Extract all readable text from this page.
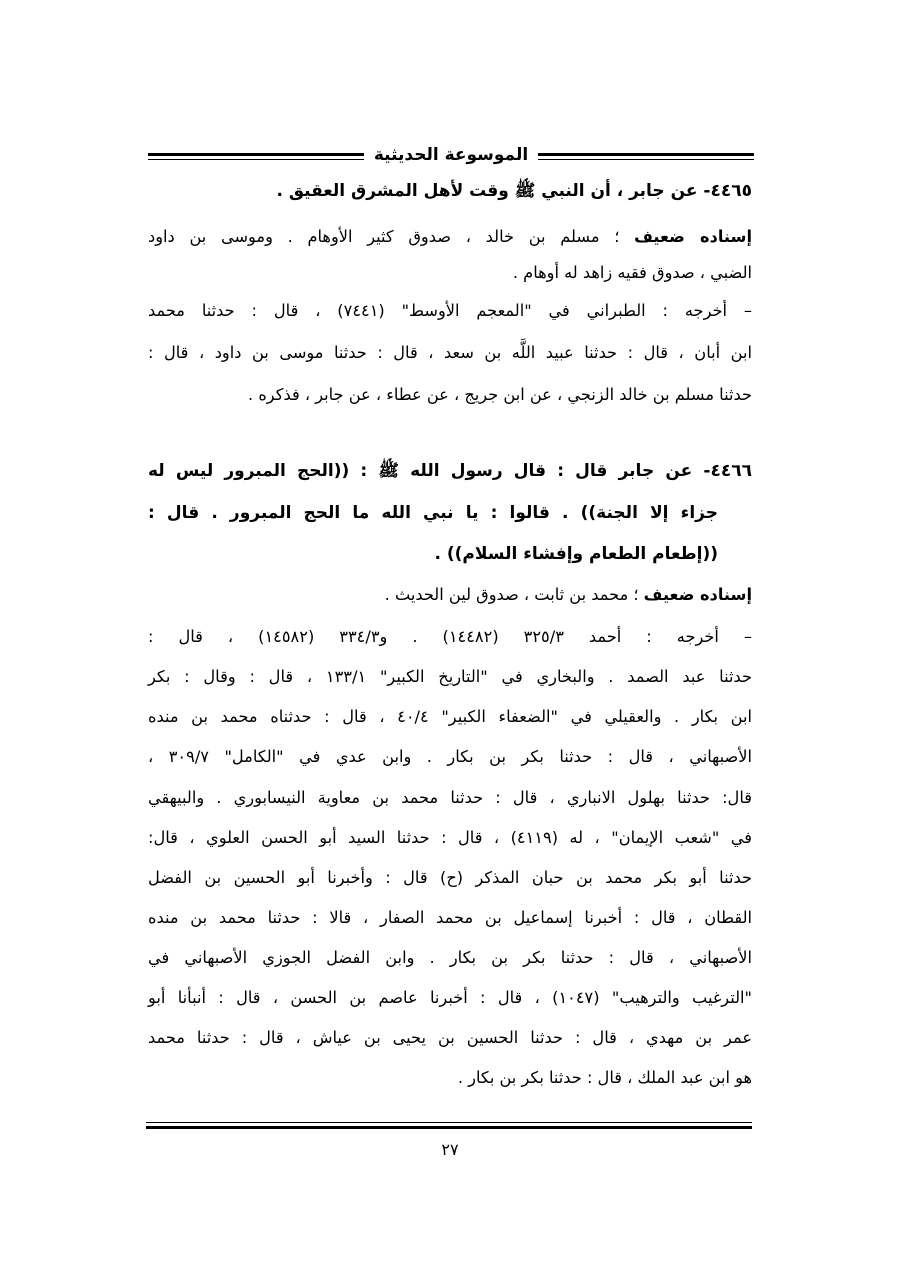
الموسوعة الحديثية
٤٤٦٥- عن جابر ، أن النبي ﷺ وقت لأهل المشرق العقيق .
إسناده ضعيف ؛ مسلم بن خالد ، صدوق كثير الأوهام . وموسى بن داود
الضبي ، صدوق فقيه زاهد له أوهام .
– أخرجه : الطبراني في "المعجم الأوسط" (٧٤٤١) ، قال : حدثنا محمد
ابن أبان ، قال : حدثنا عبيد اللَّه بن سعد ، قال : حدثنا موسى بن داود ، قال :
حدثنا مسلم بن خالد الزنجي ، عن ابن جريج ، عن عطاء ، عن جابر ، فذكره .
٤٤٦٦- عن جابر قال : قال رسول الله ﷺ : ((الحج المبرور ليس له
جزاء إلا الجنة)) . قالوا : يا نبي الله ما الحج المبرور . قال :
((إطعام الطعام وإفشاء السلام)) .
إسناده ضعيف ؛ محمد بن ثابت ، صدوق لين الحديث .
– أخرجه : أحمد ٣٢٥/٣ (١٤٤٨٢) . و٣٣٤/٣ (١٤٥٨٢) ، قال :
حدثنا عبد الصمد . والبخاري في "التاريخ الكبير" ١٣٣/١ ، قال : وقال : بكر
ابن بكار . والعقيلي في "الضعفاء الكبير" ٤٠/٤ ، قال : حدثناه محمد بن منده
الأصبهاني ، قال : حدثنا بكر بن بكار . وابن عدي في "الكامل" ٣٠٩/٧ ،
قال: حدثنا بهلول الانباري ، قال : حدثنا محمد بن معاوية النيسابوري . والبيهقي
في "شعب الإيمان" ، له (٤١١٩) ، قال : حدثنا السيد أبو الحسن العلوي ، قال:
حدثنا أبو بكر محمد بن حبان المذكر (ح) قال : وأخبرنا أبو الحسين بن الفضل
القطان ، قال : أخبرنا إسماعيل بن محمد الصفار ، قالا : حدثنا محمد بن منده
الأصبهاني ، قال : حدثنا بكر بن بكار . وابن الفضل الجوزي الأصبهاني في
"الترغيب والترهيب" (١٠٤٧) ، قال : أخبرنا عاصم بن الحسن ، قال : أنبأنا أبو
عمر بن مهدي ، قال : حدثنا الحسين بن يحيى بن عياش ، قال : حدثنا محمد
هو ابن عبد الملك ، قال : حدثنا بكر بن بكار .
٢٧
